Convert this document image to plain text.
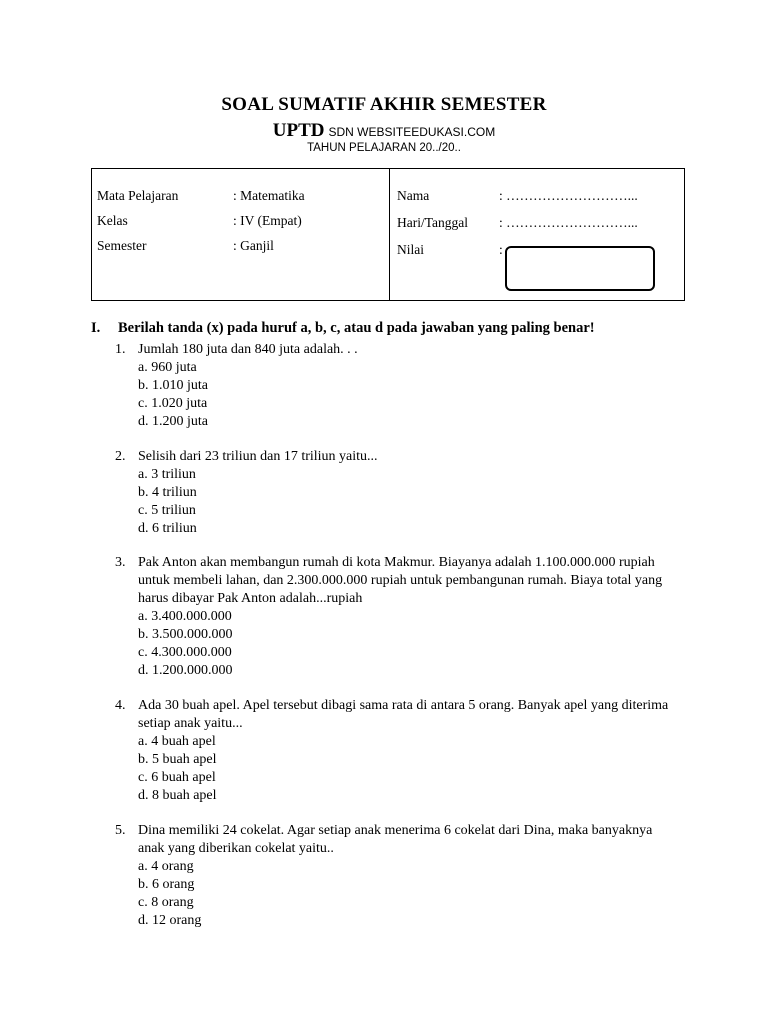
SOAL SUMATIF AKHIR SEMESTER
UPTD SDN WEBSITEEDUKASI.COM
TAHUN PELAJARAN 20../20..
Mata Pelajaran	: Matematika
Kelas	: IV (Empat)
Semester	: Ganjil
Nama	: ………………………...
Hari/Tanggal : ………………………...
Nilai	:
I. Berilah tanda (x) pada huruf a, b, c, atau d pada jawaban yang paling benar!
1. Jumlah 180 juta dan 840 juta adalah. . .
a. 960 juta
b. 1.010 juta
c. 1.020 juta
d. 1.200 juta
2. Selisih dari 23 triliun dan 17 triliun yaitu...
a. 3 triliun
b. 4 triliun
c. 5 triliun
d. 6 triliun
3. Pak Anton akan membangun rumah di kota Makmur. Biayanya adalah 1.100.000.000 rupiah untuk membeli lahan, dan 2.300.000.000 rupiah untuk pembangunan rumah. Biaya total yang harus dibayar Pak Anton adalah...rupiah
a. 3.400.000.000
b. 3.500.000.000
c. 4.300.000.000
d. 1.200.000.000
4. Ada 30 buah apel. Apel tersebut dibagi sama rata di antara 5 orang. Banyak apel yang diterima setiap anak yaitu...
a. 4 buah apel
b. 5 buah apel
c. 6 buah apel
d. 8 buah apel
5. Dina memiliki 24 cokelat. Agar setiap anak menerima 6 cokelat dari Dina, maka banyaknya anak yang diberikan cokelat yaitu..
a. 4 orang
b. 6 orang
c. 8 orang
d. 12 orang
